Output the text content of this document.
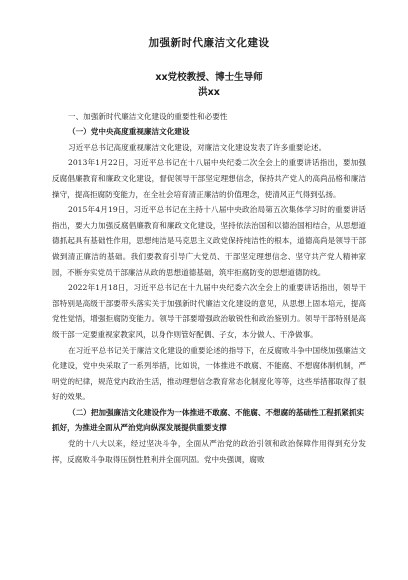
加强新时代廉洁文化建设

xx党校教授、博士生导师

洪xx

一、加强新时代廉洁文化建设的重要性和必要性

（一）党中央高度重视廉洁文化建设

习近平总书记高度重视廉洁文化建设，对廉洁文化建设发表了许多重要论述。

2013年1月22日，习近平总书记在十八届中央纪委二次全会上的重要讲话指出，要加强反腐倡廉教育和廉政文化建设，督促领导干部坚定理想信念，保持共产党人的高尚品格和廉洁操守，提高拒腐防变能力，在全社会培育清正廉洁的价值理念，使清风正气得到弘扬。

2015年4月19日，习近平总书记在主持十八届中央政治局第五次集体学习时的重要讲话指出，要大力加强反腐倡廉教育和廉政文化建设，坚持依法治国和以德治国相结合，从思想道德抓起具有基础性作用，思想纯洁是马克思主义政党保持纯洁性的根本，道德高尚是领导干部做到清正廉洁的基础。我们要教育引导广大党员、干部坚定理想信念、坚守共产党人精神家园，不断夯实党员干部廉洁从政的思想道德基础，筑牢拒腐防变的思想道德防线。

2022年1月18日，习近平总书记在十九届中央纪委六次全会上的重要讲话指出，领导干部特别是高级干部要带头落实关于加强新时代廉洁文化建设的意见，从思想上固本培元，提高党性觉悟，增强拒腐防变能力。领导干部要增强政治敏锐性和政治鉴别力。领导干部特别是高级干部一定要重视家教家风，以身作则管好配偶、子女，本分做人、干净做事。

在习近平总书记关于廉洁文化建设的重要论述的指导下，在反腐败斗争中国绕加强廉洁文化建设，党中央采取了一系列举措，比如说，一体推进不敢腐、不能腐、不想腐体制机制，严明党的纪律，规范党内政治生活，推动理想信念教育常态化制度化等等，这些举措都取得了很好的效果。

（二）把加强廉洁文化建设作为一体推进不敢腐、不能腐、不想腐的基础性工程抓紧抓实抓好，为推进全面从严治党向纵深发展提供重要支撑

党的十八大以来，经过坚决斗争，全面从严治党的政治引领和政治保障作用得到充分发挥，反腐败斗争取得压倒性胜利并全面巩固。党中央强调，腐败
